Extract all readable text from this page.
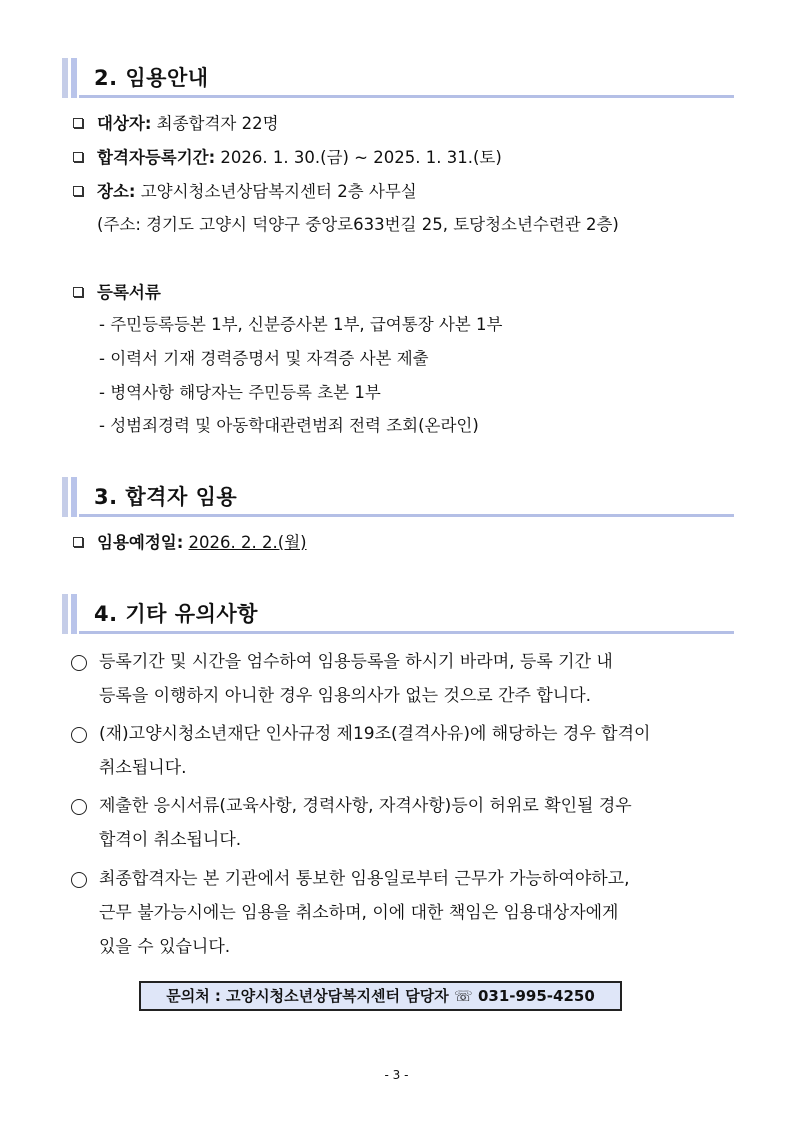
2. 임용안내
대상자: 최종합격자 22명
합격자등록기간: 2026. 1. 30.(금) ~ 2025. 1. 31.(토)
장소: 고양시청소년상담복지센터 2층 사무실
(주소: 경기도 고양시 덕양구 중앙로633번길 25, 토당청소년수련관 2층)
등록서류
- 주민등록등본 1부, 신분증사본 1부, 급여통장 사본 1부
- 이력서 기재 경력증명서 및 자격증 사본 제출
- 병역사항 해당자는 주민등록 초본 1부
- 성범죄경력 및 아동학대관련범죄 전력 조회(온라인)
3. 합격자 임용
임용예정일: 2026. 2. 2.(월)
4. 기타 유의사항
등록기간 및 시간을 엄수하여 임용등록을 하시기 바라며, 등록 기간 내
등록을 이행하지 아니한 경우 임용의사가 없는 것으로 간주 합니다.
(재)고양시청소년재단 인사규정 제19조(결격사유)에 해당하는 경우 합격이
취소됩니다.
제출한 응시서류(교육사항, 경력사항, 자격사항)등이 허위로 확인될 경우
합격이 취소됩니다.
최종합격자는 본 기관에서 통보한 임용일로부터 근무가 가능하여야하고,
근무 불가능시에는 임용을 취소하며, 이에 대한 책임은 임용대상자에게
있을 수 있습니다.
문의처 : 고양시청소년상담복지센터 담당자 ☏ 031-995-4250
- 3 -
